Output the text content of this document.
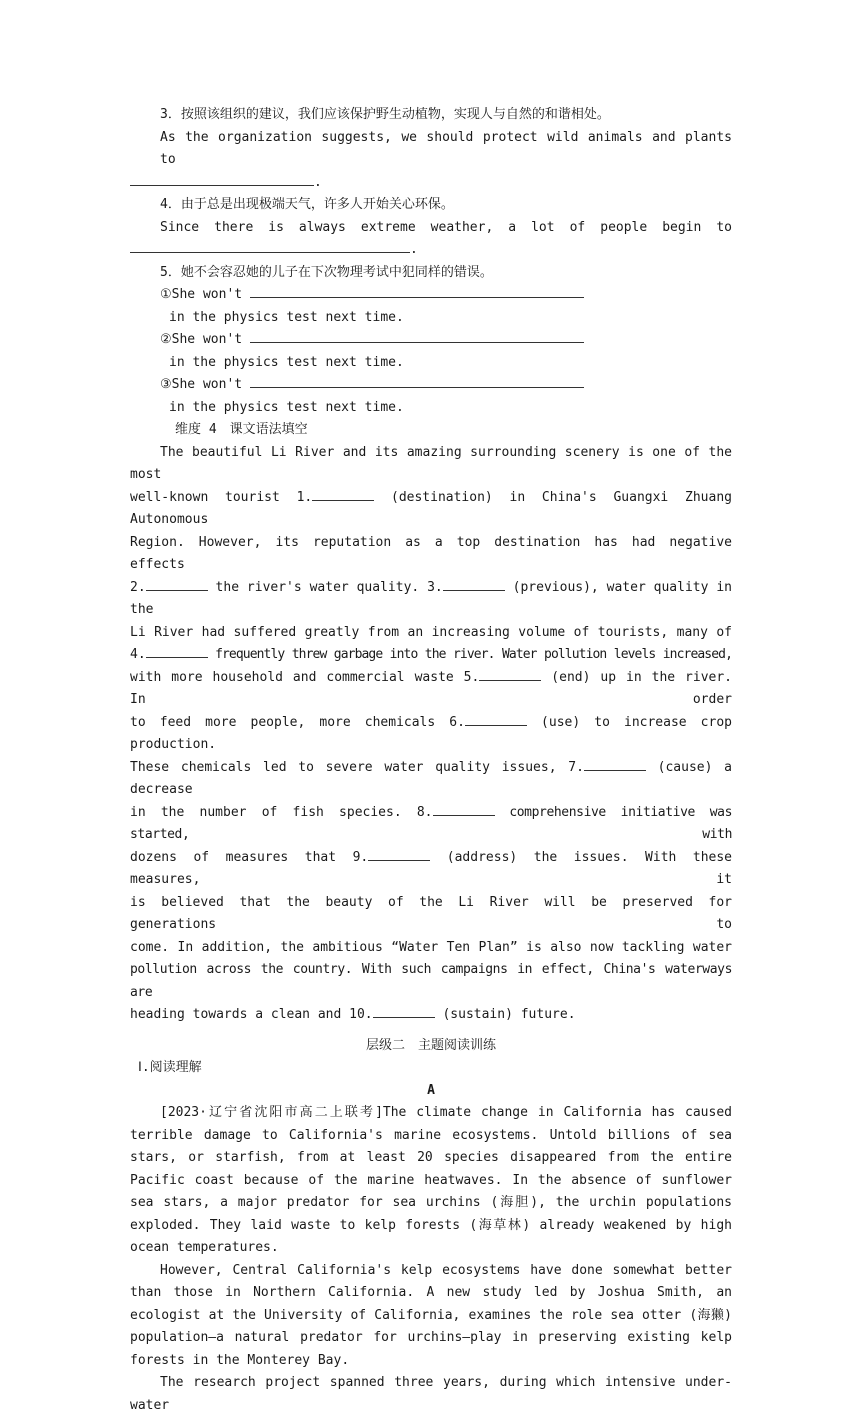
3．按照该组织的建议，我们应该保护野生动植物，实现人与自然的和谐相处。

As the organization suggests, we should protect wild animals and plants to

.

4．由于总是出现极端天气，许多人开始关心环保。

Since there is always extreme weather, a lot of people begin to

.

5．她不会容忍她的儿子在下次物理考试中犯同样的错误。

①She won't

in the physics test next time.

②She won't

in the physics test next time.

③She won't

in the physics test next time.

维度 4　课文语法填空

The beautiful Li River and its amazing surrounding scenery is one of the most

well-known tourist 1.	(destination) in China's Guangxi Zhuang Autonomous

Region. However, its reputation as a top destination has had negative effects

2.	the river's water quality. 3.	(previous), water quality in the

Li River had suffered greatly from an increasing volume of tourists, many of

4.	frequently threw garbage into the river. Water pollution levels increased,

with more household and commercial waste 5.	(end) up in the river. In order

to feed more people, more chemicals 6.	(use) to increase crop production.

These chemicals led to severe water quality issues, 7.	(cause) a decrease

in the number of fish species. 8.	comprehensive initiative was started, with

dozens of measures that 9.	(address) the issues. With these measures, it

is believed that the beauty of the Li River will be preserved for generations to

come. In addition, the ambitious “Water Ten Plan” is also now tackling water

pollution across the country. With such campaigns in effect, China's waterways are

heading towards a clean and 10.	(sustain) future.

层级二　主题阅读训练

Ⅰ.阅读理解

A

[2023·辽宁省沈阳市高二上联考]The climate change in California has caused terrible damage to California's marine ecosystems. Untold billions of sea stars, or starfish, from at least 20 species disappeared from the entire Pacific coast because of the marine heatwaves. In the absence of sunflower sea stars, a major predator for sea urchins (海胆), the urchin populations exploded. They laid waste to kelp forests (海草林) already weakened by high ocean temperatures.

However, Central California's kelp ecosystems have done somewhat better than those in Northern California. A new study led by Joshua Smith, an ecologist at the University of California, examines the role sea otter (海獭) population—a natural predator for urchins—play in preserving existing kelp forests in the Monterey Bay.

The research project spanned three years, during which intensive under-water
